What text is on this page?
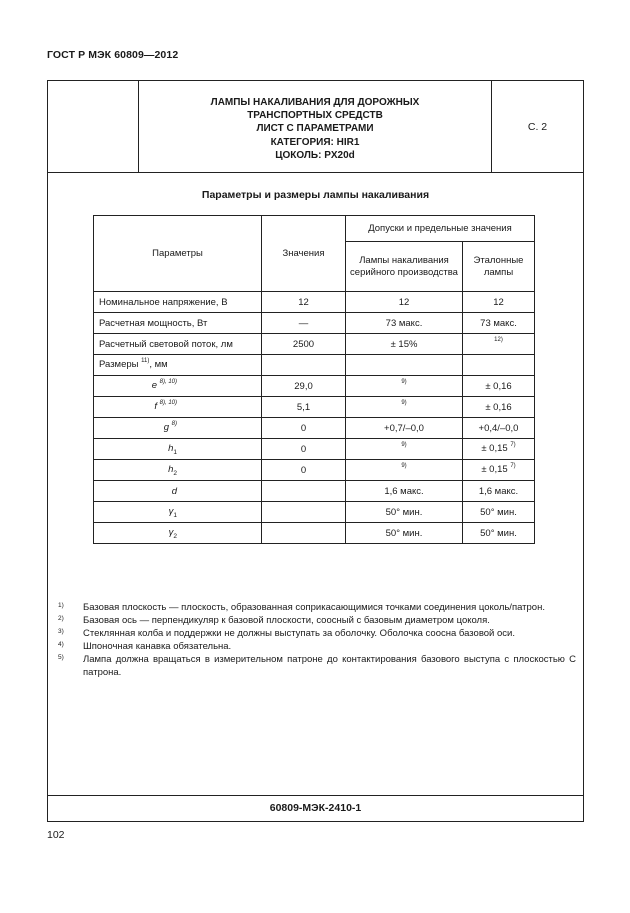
ГОСТ Р МЭК 60809—2012
ЛАМПЫ НАКАЛИВАНИЯ ДЛЯ ДОРОЖНЫХ
ТРАНСПОРТНЫХ СРЕДСТВ
ЛИСТ С ПАРАМЕТРАМИ
КАТЕГОРИЯ: HIR1
ЦОКОЛЬ: PX20d
С. 2
Параметры и размеры лампы накаливания
Параметры	Значения	Допуски и предельные значения	
		Лампы накаливания серийного производства	Эталонные лампы
Номинальное напряжение, В	12	12	12
Расчетная мощность, Вт	—	73 макс.	73 макс.
Расчетный световой поток, лм	2500	± 15%	$^{12)}$
Размеры $^{11)}$, мм			
e $^{8), 10)}$	29,0	$^{9)}$	± 0,16
f $^{8), 10)}$	5,1	$^{9)}$	± 0,16
g $^{8)}$	0	+0,7/–0,0	+0,4/–0,0
$h_1$	0	$^{9)}$	± 0,15 $^{7)}$
$h_2$	0	$^{9)}$	± 0,15 $^{7)}$
d		1,6 макс.	1,6 макс.
$\gamma_1$		50° мин.	50° мин.
$\gamma_2$		50° мин.	50° мин.
1) Базовая плоскость — плоскость, образованная соприкасающимися точками соединения цоколь/патрон.
2) Базовая ось — перпендикуляр к базовой плоскости, соосный с базовым диаметром цоколя.
3) Стеклянная колба и поддержки не должны выступать за оболочку. Оболочка соосна базовой оси.
4) Шпоночная канавка обязательна.
5) Лампа должна вращаться в измерительном патроне до контактирования базового выступа с плоскостью С патрона.
60809-МЭК-2410-1
102
